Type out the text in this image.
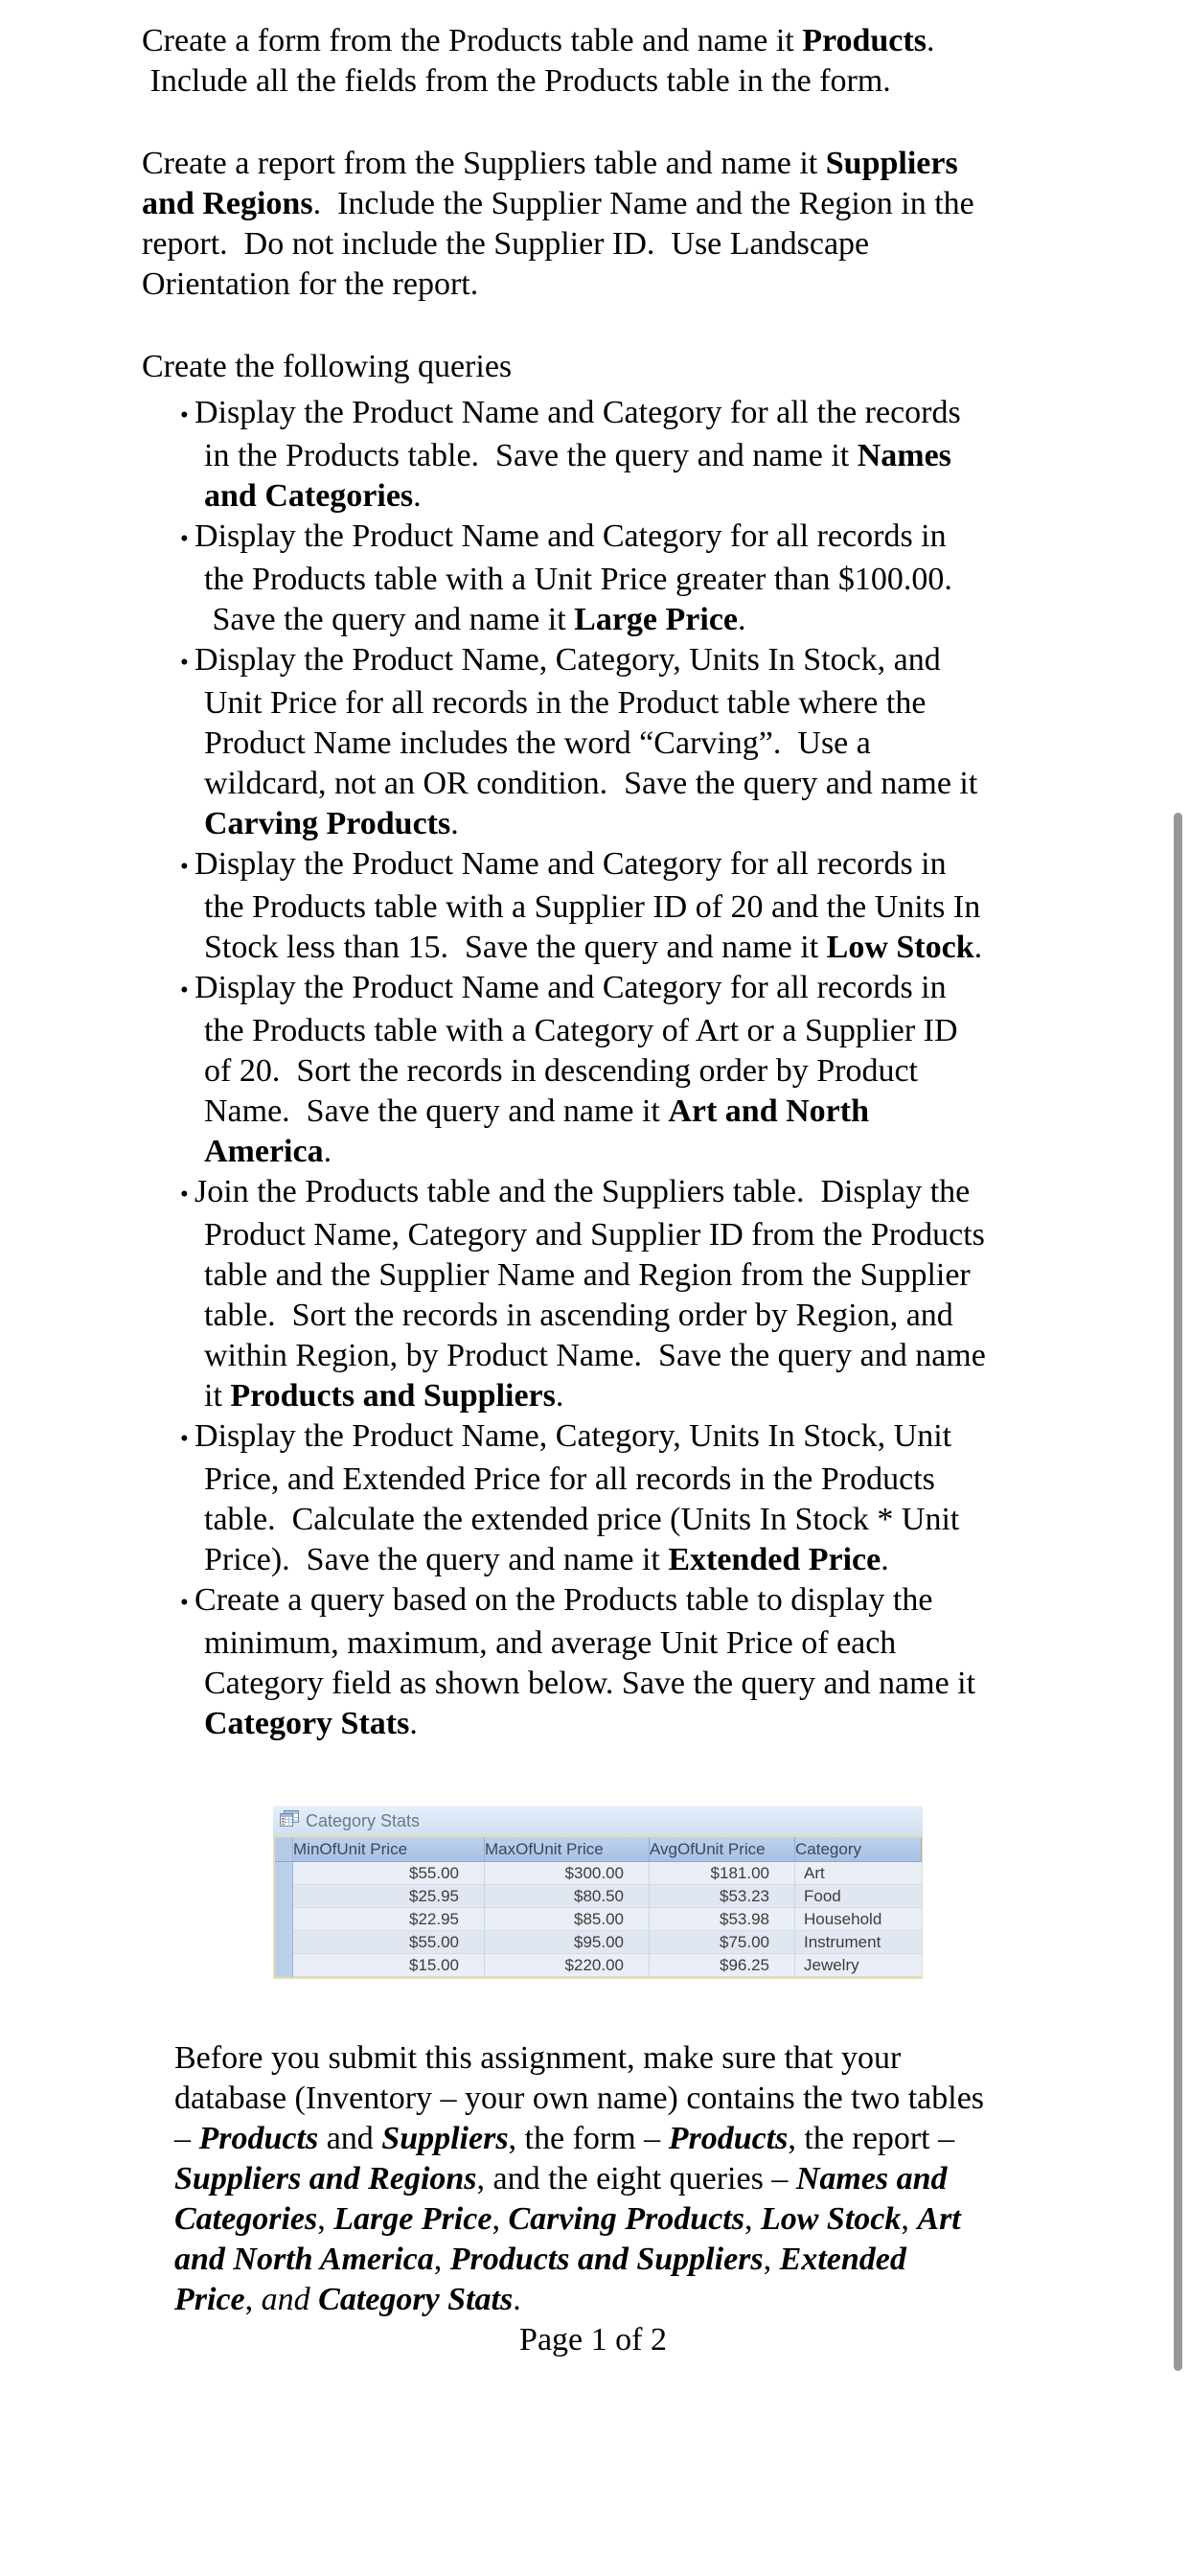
Create a form from the Products table and name it Products.
Include all the fields from the Products table in the form.
Create a report from the Suppliers table and name it Suppliers
and Regions.  Include the Supplier Name and the Region in the
report.  Do not include the Supplier ID.  Use Landscape
Orientation for the report.
Create the following queries
• Display the Product Name and Category for all the records
in the Products table.  Save the query and name it Names
and Categories.
• Display the Product Name and Category for all records in
the Products table with a Unit Price greater than $100.00.
Save the query and name it Large Price.
• Display the Product Name, Category, Units In Stock, and
Unit Price for all records in the Product table where the
Product Name includes the word “Carving”.  Use a
wildcard, not an OR condition.  Save the query and name it
Carving Products.
• Display the Product Name and Category for all records in
the Products table with a Supplier ID of 20 and the Units In
Stock less than 15.  Save the query and name it Low Stock.
• Display the Product Name and Category for all records in
the Products table with a Category of Art or a Supplier ID
of 20.  Sort the records in descending order by Product
Name.  Save the query and name it Art and North
America.
• Join the Products table and the Suppliers table.  Display the
Product Name, Category and Supplier ID from the Products
table and the Supplier Name and Region from the Supplier
table.  Sort the records in ascending order by Region, and
within Region, by Product Name.  Save the query and name
it Products and Suppliers.
• Display the Product Name, Category, Units In Stock, Unit
Price, and Extended Price for all records in the Products
table.  Calculate the extended price (Units In Stock * Unit
Price).  Save the query and name it Extended Price.
• Create a query based on the Products table to display the
minimum, maximum, and average Unit Price of each
Category field as shown below. Save the query and name it
Category Stats.
Category Stats
MinOfUnit Price	MaxOfUnit Price	AvgOfUnit Price	Category
$55.00	$300.00	$181.00	Art
$25.95	$80.50	$53.23	Food
$22.95	$85.00	$53.98	Household
$55.00	$95.00	$75.00	Instrument
$15.00	$220.00	$96.25	Jewelry
Before you submit this assignment, make sure that your
database (Inventory – your own name) contains the two tables
– Products and Suppliers, the form – Products, the report –
Suppliers and Regions, and the eight queries – Names and
Categories, Large Price, Carving Products, Low Stock, Art
and North America, Products and Suppliers, Extended
Price, and Category Stats.
Page 1 of 2
